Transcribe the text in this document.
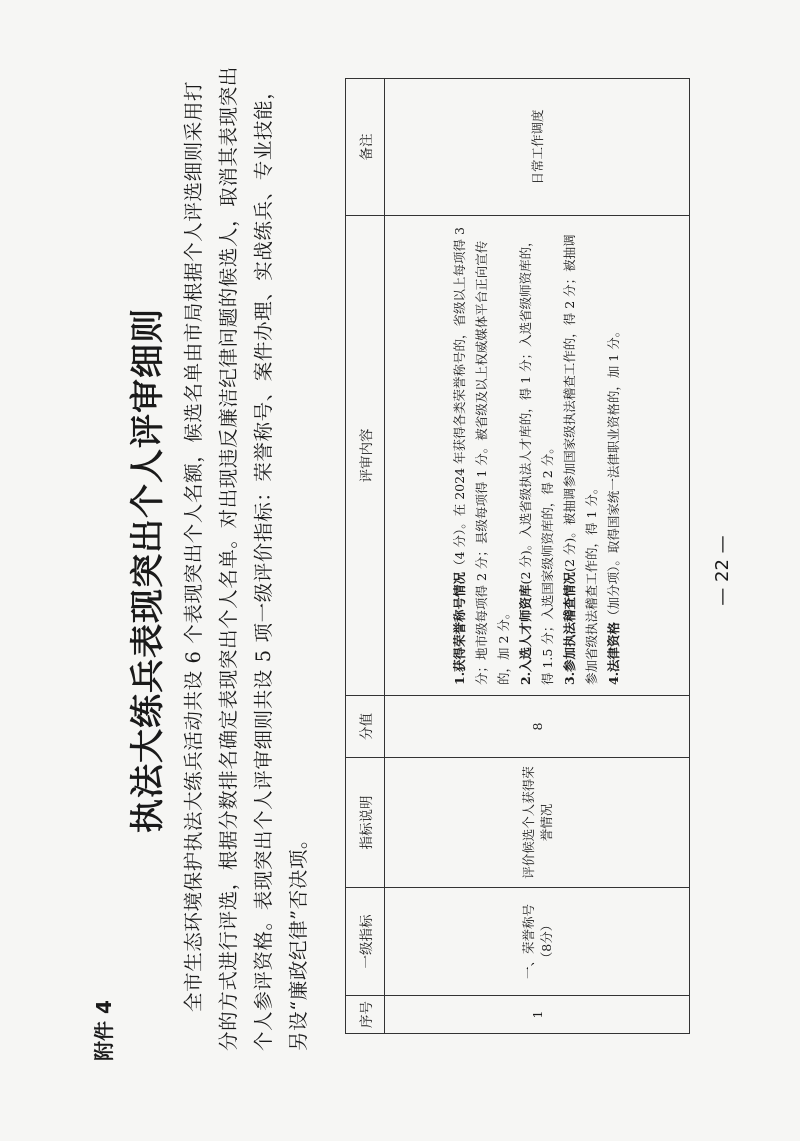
附件 4
执法大练兵表现突出个人评审细则 全市生态环境保护执法大练兵活动共设 6 个表现突出个人名额，候选名单由市局根据个人评选细则采用打分的方式进行评选，根据分数排名确定表现突出个人名单。对出现违反廉洁纪律问题的候选人，取消其表现突出个人参评资格。表现突出个人评审细则共设 5 项一级评价指标：荣誉称号、案件办理、实战练兵、专业技能，另设“廉政纪律”否决项。	序号	一级指标	指标说明	分值	评审内容	备注
1	一、荣誉称号（8分）	评价候选个人获得荣誉情况	8	1.获得荣誉称号情况（4 分）。在 2024 年获得各类荣誉称号的，省级以上每项得 3 分；地市级每项得 2 分；县级每项得 1 分。被省级及以上权威媒体平台正向宣传的，加 2 分。 2.入选人才师资库(2 分)。入选省级执法人才库的，得 1 分；入选省级师资库的，得 1.5 分；入选国家级师资库的，得 2 分。 3.参加执法稽查情况(2 分)。被抽调参加国家级执法稽查工作的，得 2 分；被抽调参加省级执法稽查工作的，得 1 分。 4.法律资格（加分项）。取得国家统一法律职业资格的，加 1 分。	日常工作调度
— 22 —
